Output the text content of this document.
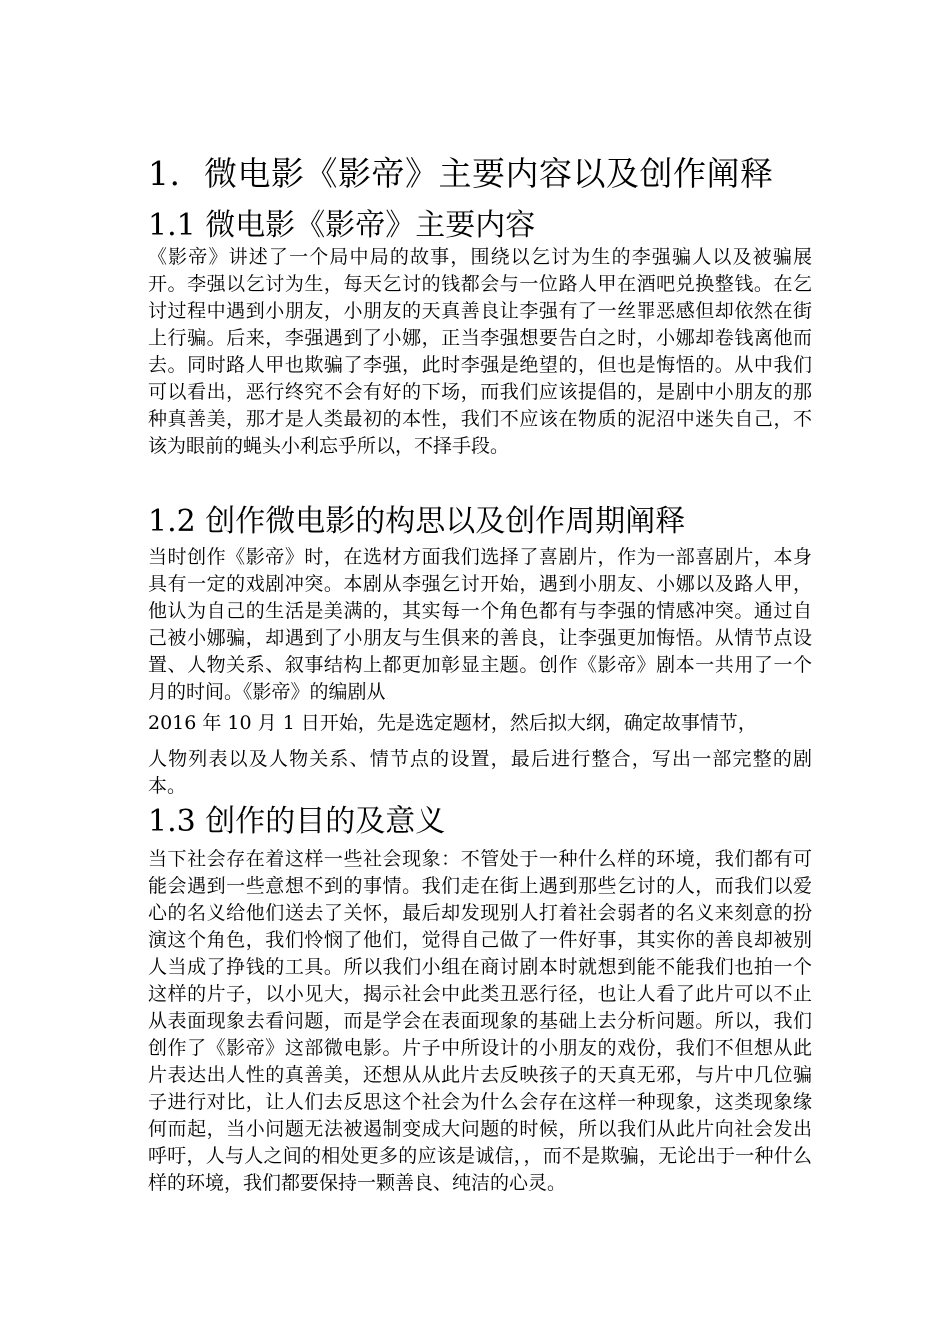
1. 微电影《影帝》主要内容以及创作阐释
1.1 微电影《影帝》主要内容
《影帝》讲述了一个局中局的故事，围绕以乞讨为生的李强骗人以及被骗展开。李强以乞讨为生，每天乞讨的钱都会与一位路人甲在酒吧兑换整钱。在乞讨过程中遇到小朋友，小朋友的天真善良让李强有了一丝罪恶感但却依然在街上行骗。后来，李强遇到了小娜，正当李强想要告白之时，小娜却卷钱离他而去。同时路人甲也欺骗了李强，此时李强是绝望的，但也是悔悟的。从中我们可以看出，恶行终究不会有好的下场，而我们应该提倡的，是剧中小朋友的那种真善美，那才是人类最初的本性，我们不应该在物质的泥沼中迷失自己，不该为眼前的蝇头小利忘乎所以，不择手段。
1.2 创作微电影的构思以及创作周期阐释
当时创作《影帝》时，在选材方面我们选择了喜剧片，作为一部喜剧片，本身具有一定的戏剧冲突。本剧从李强乞讨开始，遇到小朋友、小娜以及路人甲，他认为自己的生活是美满的，其实每一个角色都有与李强的情感冲突。通过自己被小娜骗，却遇到了小朋友与生俱来的善良，让李强更加悔悟。从情节点设置、人物关系、叙事结构上都更加彰显主题。创作《影帝》剧本一共用了一个月的时间。《影帝》的编剧从
2016 年 10 月 1 日开始，先是选定题材，然后拟大纲，确定故事情节，
人物列表以及人物关系、情节点的设置，最后进行整合，写出一部完整的剧本。
1.3 创作的目的及意义
当下社会存在着这样一些社会现象：不管处于一种什么样的环境，我们都有可能会遇到一些意想不到的事情。我们走在街上遇到那些乞讨的人，而我们以爱心的名义给他们送去了关怀，最后却发现别人打着社会弱者的名义来刻意的扮演这个角色，我们怜悯了他们，觉得自己做了一件好事，其实你的善良却被别人当成了挣钱的工具。所以我们小组在商讨剧本时就想到能不能我们也拍一个这样的片子，以小见大，揭示社会中此类丑恶行径，也让人看了此片可以不止从表面现象去看问题，而是学会在表面现象的基础上去分析问题。所以，我们创作了《影帝》这部微电影。片子中所设计的小朋友的戏份，我们不但想从此片表达出人性的真善美，还想从从此片去反映孩子的天真无邪，与片中几位骗子进行对比，让人们去反思这个社会为什么会存在这样一种现象，这类现象缘何而起，当小问题无法被遏制变成大问题的时候，所以我们从此片向社会发出呼吁，人与人之间的相处更多的应该是诚信，，而不是欺骗，无论出于一种什么样的环境，我们都要保持一颗善良、纯洁的心灵。
